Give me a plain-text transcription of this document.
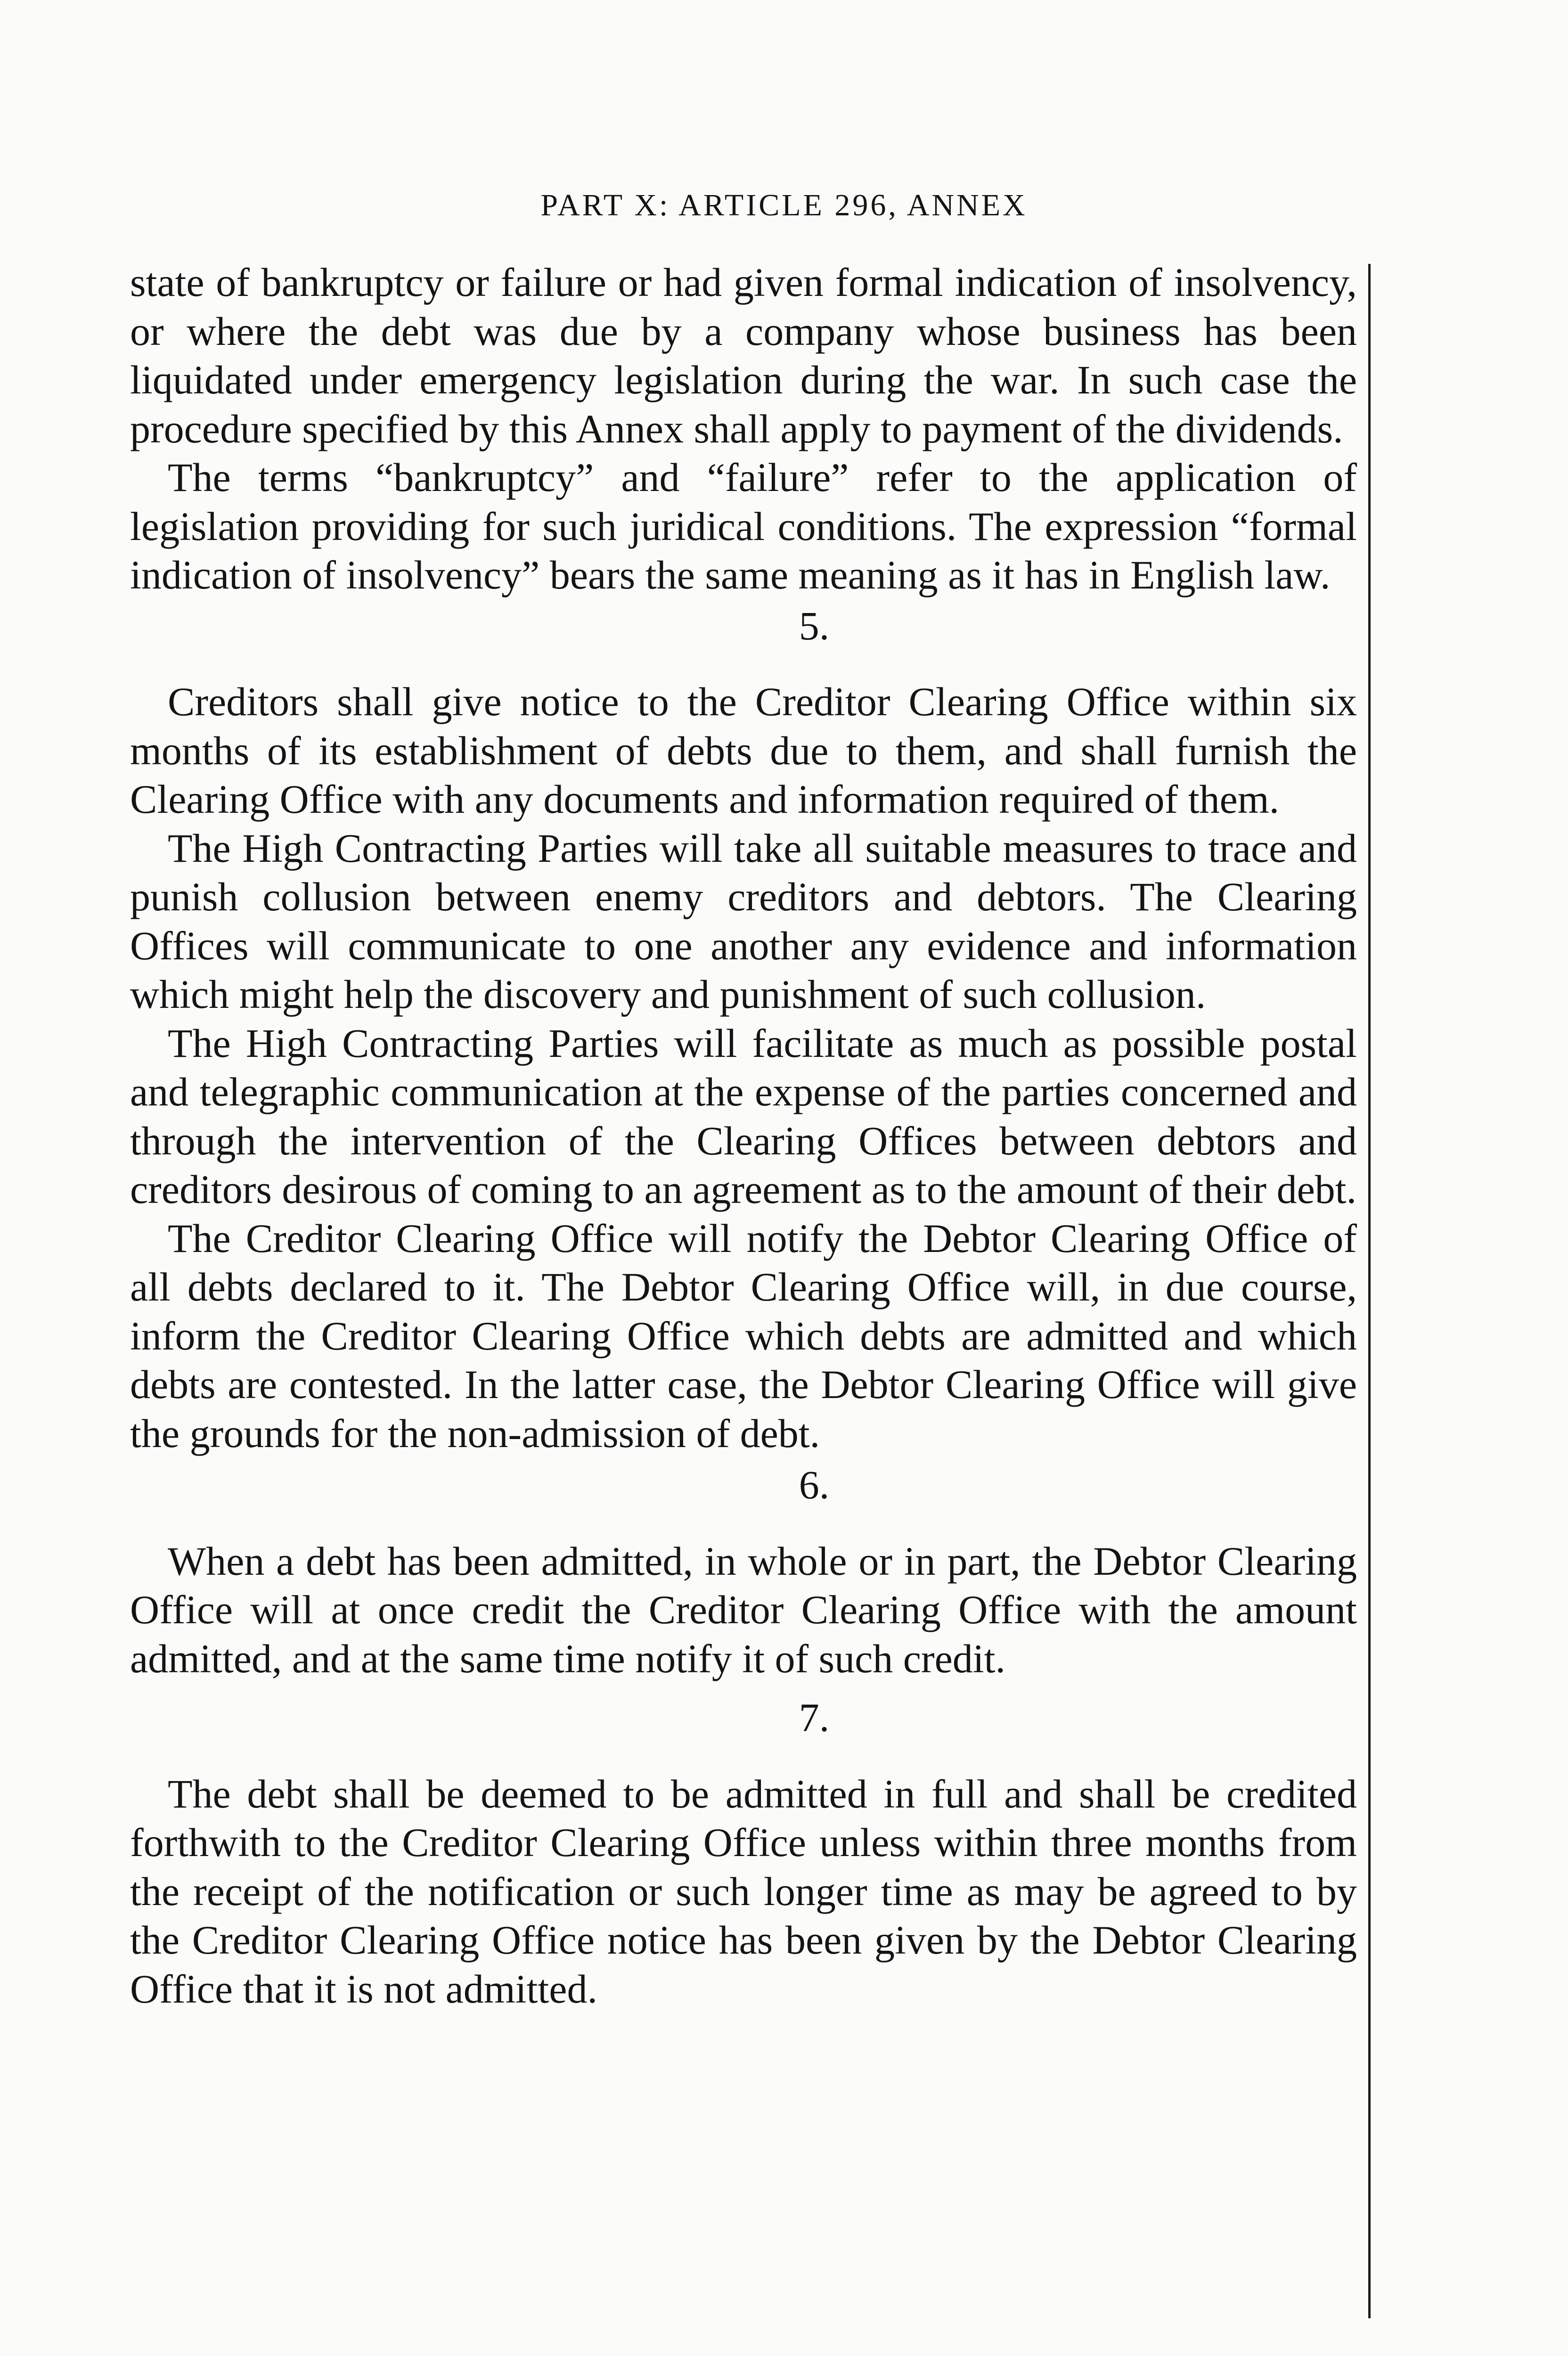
PART X: ARTICLE 296, ANNEX

state of bankruptcy or failure or had given formal indication of insolvency, or where the debt was due by a company whose business has been liquidated under emergency legislation during the war. In such case the procedure specified by this Annex shall apply to payment of the dividends.

The terms “bankruptcy” and “failure” refer to the application of legislation providing for such juridical conditions. The expression “formal indication of insolvency” bears the same meaning as it has in English law.

5.

Creditors shall give notice to the Creditor Clearing Office within six months of its establishment of debts due to them, and shall furnish the Clearing Office with any documents and information required of them.

The High Contracting Parties will take all suitable measures to trace and punish collusion between enemy creditors and debtors. The Clearing Offices will communicate to one another any evidence and information which might help the discovery and punishment of such collusion.

The High Contracting Parties will facilitate as much as possible postal and telegraphic communication at the expense of the parties concerned and through the intervention of the Clearing Offices between debtors and creditors desirous of coming to an agreement as to the amount of their debt.

The Creditor Clearing Office will notify the Debtor Clearing Office of all debts declared to it. The Debtor Clearing Office will, in due course, inform the Creditor Clearing Office which debts are admitted and which debts are contested. In the latter case, the Debtor Clearing Office will give the grounds for the non-admission of debt.

6.

When a debt has been admitted, in whole or in part, the Debtor Clearing Office will at once credit the Creditor Clearing Office with the amount admitted, and at the same time notify it of such credit.

7.

The debt shall be deemed to be admitted in full and shall be credited forthwith to the Creditor Clearing Office unless within three months from the receipt of the notification or such longer time as may be agreed to by the Creditor Clearing Office notice has been given by the Debtor Clearing Office that it is not admitted.
